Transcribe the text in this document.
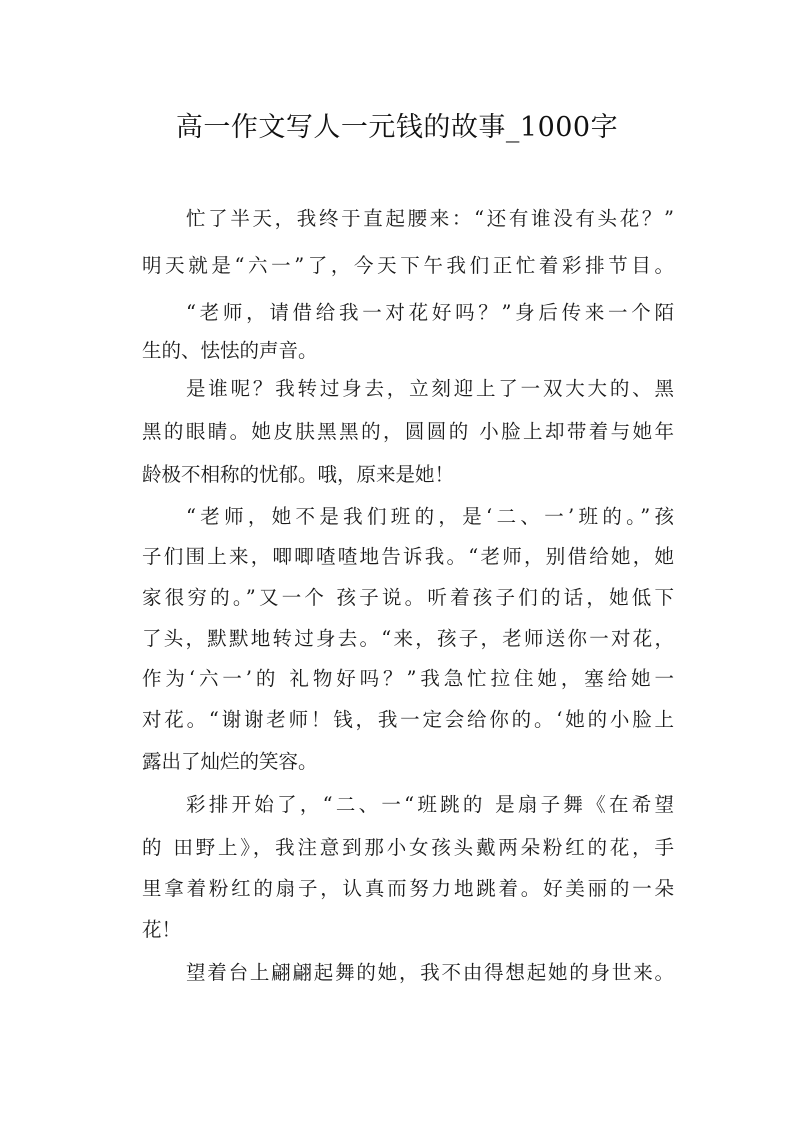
高一作文写人一元钱的故事_1000字
忙了半天，我终于直起腰来：“还有谁没有头花？”
明天就是“六一”了，今天下午我们正忙着彩排节目。
“老师，请借给我一对花好吗？”身后传来一个陌
生的、怯怯的声音。
是谁呢？我转过身去，立刻迎上了一双大大的、黑
黑的眼睛。她皮肤黑黑的，圆圆的 小脸上却带着与她年
龄极不相称的忧郁。哦，原来是她！
“老师，她不是我们班的，是‘二、一’班的。”孩
子们围上来，唧唧喳喳地告诉我。“老师，别借给她，她
家很穷的。”又一个 孩子说。听着孩子们的话，她低下
了头，默默地转过身去。“来，孩子，老师送你一对花，
作为‘六一’的 礼物好吗？”我急忙拉住她，塞给她一
对花。“谢谢老师！钱，我一定会给你的。‘她的小脸上
露出了灿烂的笑容。
彩排开始了，“二、一“班跳的 是扇子舞《在希望
的 田野上》，我注意到那小女孩头戴两朵粉红的花，手
里拿着粉红的扇子，认真而努力地跳着。好美丽的一朵
花！
望着台上翩翩起舞的她，我不由得想起她的身世来。
